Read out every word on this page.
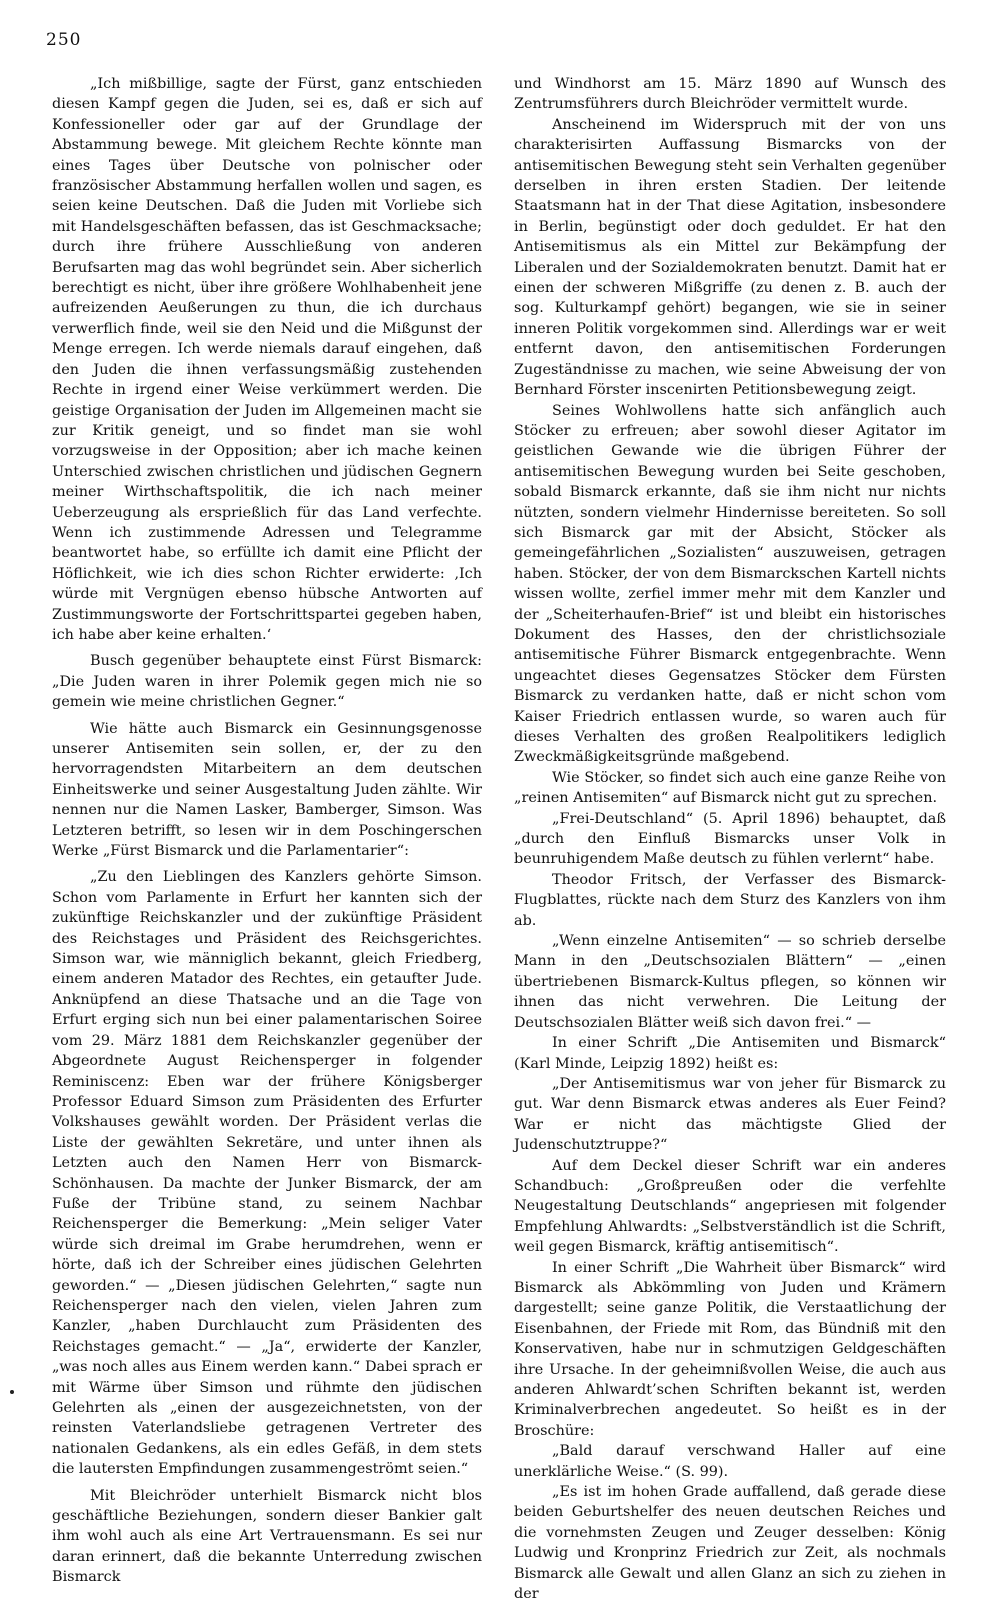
250

„Ich mißbillige, sagte der Fürst, ganz entschieden diesen Kampf gegen die Juden, sei es, daß er sich auf Konfessioneller oder gar auf der Grundlage der Abstammung bewege. Mit gleichem Rechte könnte man eines Tages über Deutsche von polnischer oder französischer Abstammung herfallen wollen und sagen, es seien keine Deutschen. Daß die Juden mit Vorliebe sich mit Handelsgeschäften befassen, das ist Geschmacksache; durch ihre frühere Ausschließung von anderen Berufsarten mag das wohl begründet sein. Aber sicherlich berechtigt es nicht, über ihre größere Wohlhabenheit jene aufreizenden Aeußerungen zu thun, die ich durchaus verwerflich finde, weil sie den Neid und die Mißgunst der Menge erregen. Ich werde niemals darauf eingehen, daß den Juden die ihnen verfassungsmäßig zustehenden Rechte in irgend einer Weise verkümmert werden. Die geistige Organisation der Juden im Allgemeinen macht sie zur Kritik geneigt, und so findet man sie wohl vorzugsweise in der Opposition; aber ich mache keinen Unterschied zwischen christlichen und jüdischen Gegnern meiner Wirthschaftspolitik, die ich nach meiner Ueberzeugung als ersprießlich für das Land verfechte. Wenn ich zustimmende Adressen und Telegramme beantwortet habe, so erfüllte ich damit eine Pflicht der Höflichkeit, wie ich dies schon Richter erwiderte: ‚Ich würde mit Vergnügen ebenso hübsche Antworten auf Zustimmungsworte der Fortschrittspartei gegeben haben, ich habe aber keine erhalten.‘

Busch gegenüber behauptete einst Fürst Bismarck: „Die Juden waren in ihrer Polemik gegen mich nie so gemein wie meine christlichen Gegner.“

Wie hätte auch Bismarck ein Gesinnungsgenosse unserer Antisemiten sein sollen, er, der zu den hervorragendsten Mitarbeitern an dem deutschen Einheitswerke und seiner Ausgestaltung Juden zählte. Wir nennen nur die Namen Lasker, Bamberger, Simson. Was Letzteren betrifft, so lesen wir in dem Poschingerschen Werke „Fürst Bismarck und die Parlamentarier“:

„Zu den Lieblingen des Kanzlers gehörte Simson. Schon vom Parlamente in Erfurt her kannten sich der zukünftige Reichskanzler und der zukünftige Präsident des Reichstages und Präsident des Reichsgerichtes. Simson war, wie männiglich bekannt, gleich Friedberg, einem anderen Matador des Rechtes, ein getaufter Jude. Anknüpfend an diese Thatsache und an die Tage von Erfurt erging sich nun bei einer palamentarischen Soiree vom 29. März 1881 dem Reichskanzler gegenüber der Abgeordnete August Reichensperger in folgender Reminiscenz: Eben war der frühere Königsberger Professor Eduard Simson zum Präsidenten des Erfurter Volkshauses gewählt worden. Der Präsident verlas die Liste der gewählten Sekretäre, und unter ihnen als Letzten auch den Namen Herr von Bismarck-Schönhausen. Da machte der Junker Bismarck, der am Fuße der Tribüne stand, zu seinem Nachbar Reichensperger die Bemerkung: „Mein seliger Vater würde sich dreimal im Grabe herumdrehen, wenn er hörte, daß ich der Schreiber eines jüdischen Gelehrten geworden.“ — „Diesen jüdischen Gelehrten,“ sagte nun Reichensperger nach den vielen, vielen Jahren zum Kanzler, „haben Durchlaucht zum Präsidenten des Reichstages gemacht.“ — „Ja“, erwiderte der Kanzler, „was noch alles aus Einem werden kann.“ Dabei sprach er mit Wärme über Simson und rühmte den jüdischen Gelehrten als „einen der ausgezeichnetsten, von der reinsten Vaterlandsliebe getragenen Vertreter des nationalen Gedankens, als ein edles Gefäß, in dem stets die lautersten Empfindungen zusammengeströmt seien.“

Mit Bleichröder unterhielt Bismarck nicht blos geschäftliche Beziehungen, sondern dieser Bankier galt ihm wohl auch als eine Art Vertrauensmann. Es sei nur daran erinnert, daß die bekannte Unterredung zwischen Bismarck

und Windhorst am 15. März 1890 auf Wunsch des Zentrumsführers durch Bleichröder vermittelt wurde.

Anscheinend im Widerspruch mit der von uns charakterisirten Auffassung Bismarcks von der antisemitischen Bewegung steht sein Verhalten gegenüber derselben in ihren ersten Stadien. Der leitende Staatsmann hat in der That diese Agitation, insbesondere in Berlin, begünstigt oder doch geduldet. Er hat den Antisemitismus als ein Mittel zur Bekämpfung der Liberalen und der Sozialdemokraten benutzt. Damit hat er einen der schweren Mißgriffe (zu denen z. B. auch der sog. Kulturkampf gehört) begangen, wie sie in seiner inneren Politik vorgekommen sind. Allerdings war er weit entfernt davon, den antisemitischen Forderungen Zugeständnisse zu machen, wie seine Abweisung der von Bernhard Förster inscenirten Petitionsbewegung zeigt.

Seines Wohlwollens hatte sich anfänglich auch Stöcker zu erfreuen; aber sowohl dieser Agitator im geistlichen Gewande wie die übrigen Führer der antisemitischen Bewegung wurden bei Seite geschoben, sobald Bismarck erkannte, daß sie ihm nicht nur nichts nützten, sondern vielmehr Hindernisse bereiteten. So soll sich Bismarck gar mit der Absicht, Stöcker als gemeingefährlichen „Sozialisten“ auszuweisen, getragen haben. Stöcker, der von dem Bismarckschen Kartell nichts wissen wollte, zerfiel immer mehr mit dem Kanzler und der „Scheiterhaufen-Brief“ ist und bleibt ein historisches Dokument des Hasses, den der christlichsoziale antisemitische Führer Bismarck entgegenbrachte. Wenn ungeachtet dieses Gegensatzes Stöcker dem Fürsten Bismarck zu verdanken hatte, daß er nicht schon vom Kaiser Friedrich entlassen wurde, so waren auch für dieses Verhalten des großen Realpolitikers lediglich Zweckmäßigkeitsgründe maßgebend.

Wie Stöcker, so findet sich auch eine ganze Reihe von „reinen Antisemiten“ auf Bismarck nicht gut zu sprechen.

„Frei-Deutschland“ (5. April 1896) behauptet, daß „durch den Einfluß Bismarcks unser Volk in beunruhigendem Maße deutsch zu fühlen verlernt“ habe.

Theodor Fritsch, der Verfasser des Bismarck-Flugblattes, rückte nach dem Sturz des Kanzlers von ihm ab.

„Wenn einzelne Antisemiten“ — so schrieb derselbe Mann in den „Deutschsozialen Blättern“ — „einen übertriebenen Bismarck-Kultus pflegen, so können wir ihnen das nicht verwehren. Die Leitung der Deutschsozialen Blätter weiß sich davon frei.“ —

In einer Schrift „Die Antisemiten und Bismarck“ (Karl Minde, Leipzig 1892) heißt es:

„Der Antisemitismus war von jeher für Bismarck zu gut. War denn Bismarck etwas anderes als Euer Feind? War er nicht das mächtigste Glied der Judenschutztruppe?“

Auf dem Deckel dieser Schrift war ein anderes Schandbuch: „Großpreußen oder die verfehlte Neugestaltung Deutschlands“ angepriesen mit folgender Empfehlung Ahlwardts: „Selbstverständlich ist die Schrift, weil gegen Bismarck, kräftig antisemitisch“.

In einer Schrift „Die Wahrheit über Bismarck“ wird Bismarck als Abkömmling von Juden und Krämern dargestellt; seine ganze Politik, die Verstaatlichung der Eisenbahnen, der Friede mit Rom, das Bündniß mit den Konservativen, habe nur in schmutzigen Geldgeschäften ihre Ursache. In der geheimnißvollen Weise, die auch aus anderen Ahlwardt’schen Schriften bekannt ist, werden Kriminalverbrechen angedeutet. So heißt es in der Broschüre:

„Bald darauf verschwand Haller auf eine unerklärliche Weise.“ (S. 99).

„Es ist im hohen Grade auffallend, daß gerade diese beiden Geburtshelfer des neuen deutschen Reiches und die vornehmsten Zeugen und Zeuger desselben: König Ludwig und Kronprinz Friedrich zur Zeit, als nochmals Bismarck alle Gewalt und allen Glanz an sich zu ziehen in der
